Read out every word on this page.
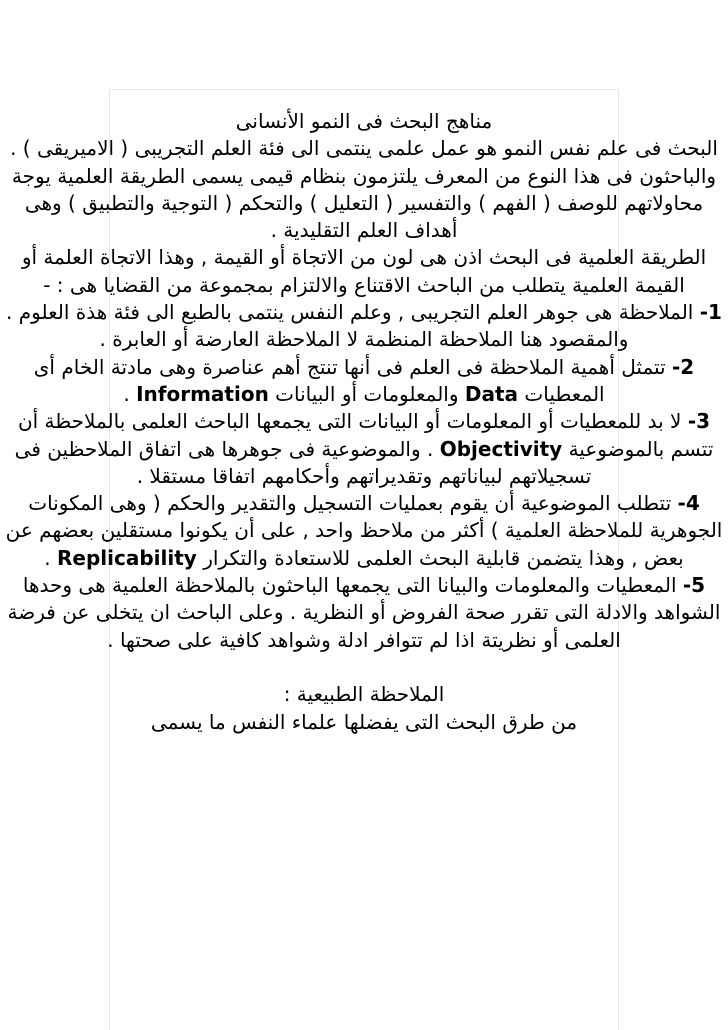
مناهج البحث فى النمو الأنسانى

البحث فى علم نفس النمو هو عمل علمى ينتمى الى فئة العلم التجريبى ( الاميريقى ) . والباحثون فى هذا النوع من المعرف يلتزمون بنظام قيمى يسمى الطريقة العلمية يوجة محاولاتهم للوصف ( الفهم ) والتفسير ( التعليل ) والتحكم ( التوجية والتطبيق ) وهى أهداف العلم التقليدية .

الطريقة العلمية فى البحث اذن هى لون من الاتجاة أو القيمة , وهذا الاتجاة العلمة أو القيمة العلمية يتطلب من الباحث الاقتناع والالتزام بمجموعة من القضايا هى : -

1- الملاحظة هى جوهر العلم التجريبى , وعلم النفس ينتمى بالطبع الى فئة هذة العلوم . والمقصود هنا الملاحظة المنظمة لا الملاحظة العارضة أو العابرة .

2- تتمثل أهمية الملاحظة فى العلم فى أنها تنتج أهم عناصرة وهى مادتة الخام أى المعطيات Data والمعلومات أو البيانات Information .

3- لا بد للمعطيات أو المعلومات أو البيانات التى يجمعها الباحث العلمى بالملاحظة أن تتسم بالموضوعية Objectivity . والموضوعية فى جوهرها هى اتفاق الملاحظين فى تسجيلاتهم لبياناتهم وتقديراتهم وأحكامهم اتفاقا مستقلا .

4- تتطلب الموضوعية أن يقوم بعمليات التسجيل والتقدير والحكم ( وهى المكونات الجوهرية للملاحظة العلمية ) أكثر من ملاحظ واحد , على أن يكونوا مستقلين بعضهم عن بعض , وهذا يتضمن قابلية البحث العلمى للاستعادة والتكرار Replicability .

5- المعطيات والمعلومات والبيانا التى يجمعها الباحثون بالملاحظة العلمية هى وحدها الشواهد والادلة التى تقرر صحة الفروض أو النظرية . وعلى الباحث ان يتخلى عن فرضة العلمى أو نظريتة اذا لم تتوافر ادلة وشواهد كافية على صحتها .

الملاحظة الطبيعية :

من طرق البحث التى يفضلها علماء النفس ما يسمى
